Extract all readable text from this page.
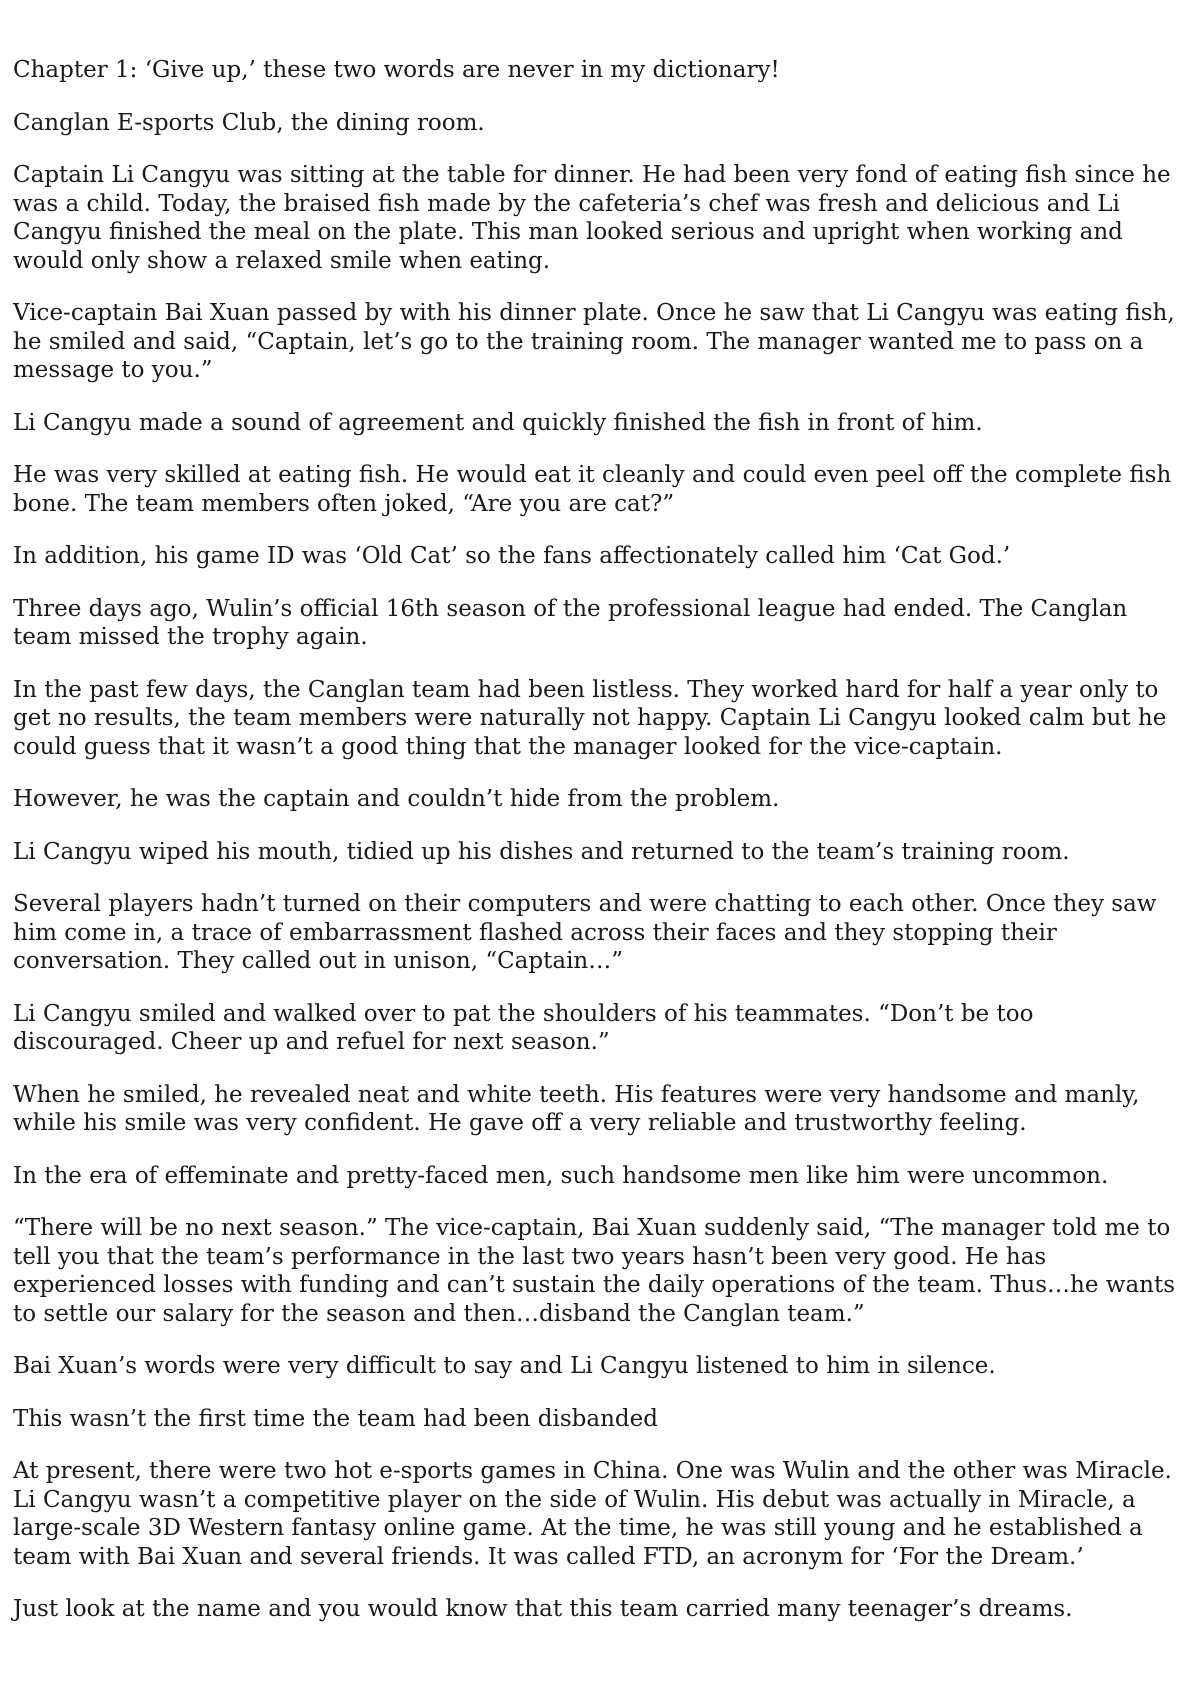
Chapter 1: ‘Give up,’ these two words are never in my dictionary!

Canglan E-sports Club, the dining room.

Captain Li Cangyu was sitting at the table for dinner. He had been very fond of eating fish since he was a child. Today, the braised fish made by the cafeteria’s chef was fresh and delicious and Li Cangyu finished the meal on the plate. This man looked serious and upright when working and would only show a relaxed smile when eating.

Vice-captain Bai Xuan passed by with his dinner plate. Once he saw that Li Cangyu was eating fish, he smiled and said, “Captain, let’s go to the training room. The manager wanted me to pass on a message to you.”

Li Cangyu made a sound of agreement and quickly finished the fish in front of him.

He was very skilled at eating fish. He would eat it cleanly and could even peel off the complete fish bone. The team members often joked, “Are you are cat?”

In addition, his game ID was ‘Old Cat’ so the fans affectionately called him ‘Cat God.’

Three days ago, Wulin’s official 16th season of the professional league had ended. The Canglan team missed the trophy again.

In the past few days, the Canglan team had been listless. They worked hard for half a year only to get no results, the team members were naturally not happy. Captain Li Cangyu looked calm but he could guess that it wasn’t a good thing that the manager looked for the vice-captain.

However, he was the captain and couldn’t hide from the problem.

Li Cangyu wiped his mouth, tidied up his dishes and returned to the team’s training room.

Several players hadn’t turned on their computers and were chatting to each other. Once they saw him come in, a trace of embarrassment flashed across their faces and they stopping their conversation. They called out in unison, “Captain…”

Li Cangyu smiled and walked over to pat the shoulders of his teammates. “Don’t be too discouraged. Cheer up and refuel for next season.”

When he smiled, he revealed neat and white teeth. His features were very handsome and manly, while his smile was very confident. He gave off a very reliable and trustworthy feeling.

In the era of effeminate and pretty-faced men, such handsome men like him were uncommon.

“There will be no next season.” The vice-captain, Bai Xuan suddenly said, “The manager told me to tell you that the team’s performance in the last two years hasn’t been very good. He has experienced losses with funding and can’t sustain the daily operations of the team. Thus…he wants to settle our salary for the season and then…disband the Canglan team.”

Bai Xuan’s words were very difficult to say and Li Cangyu listened to him in silence.

This wasn’t the first time the team had been disbanded

At present, there were two hot e-sports games in China. One was Wulin and the other was Miracle. Li Cangyu wasn’t a competitive player on the side of Wulin. His debut was actually in Miracle, a large-scale 3D Western fantasy online game. At the time, he was still young and he established a team with Bai Xuan and several friends. It was called FTD, an acronym for ‘For the Dream.’

Just look at the name and you would know that this team carried many teenager’s dreams.
